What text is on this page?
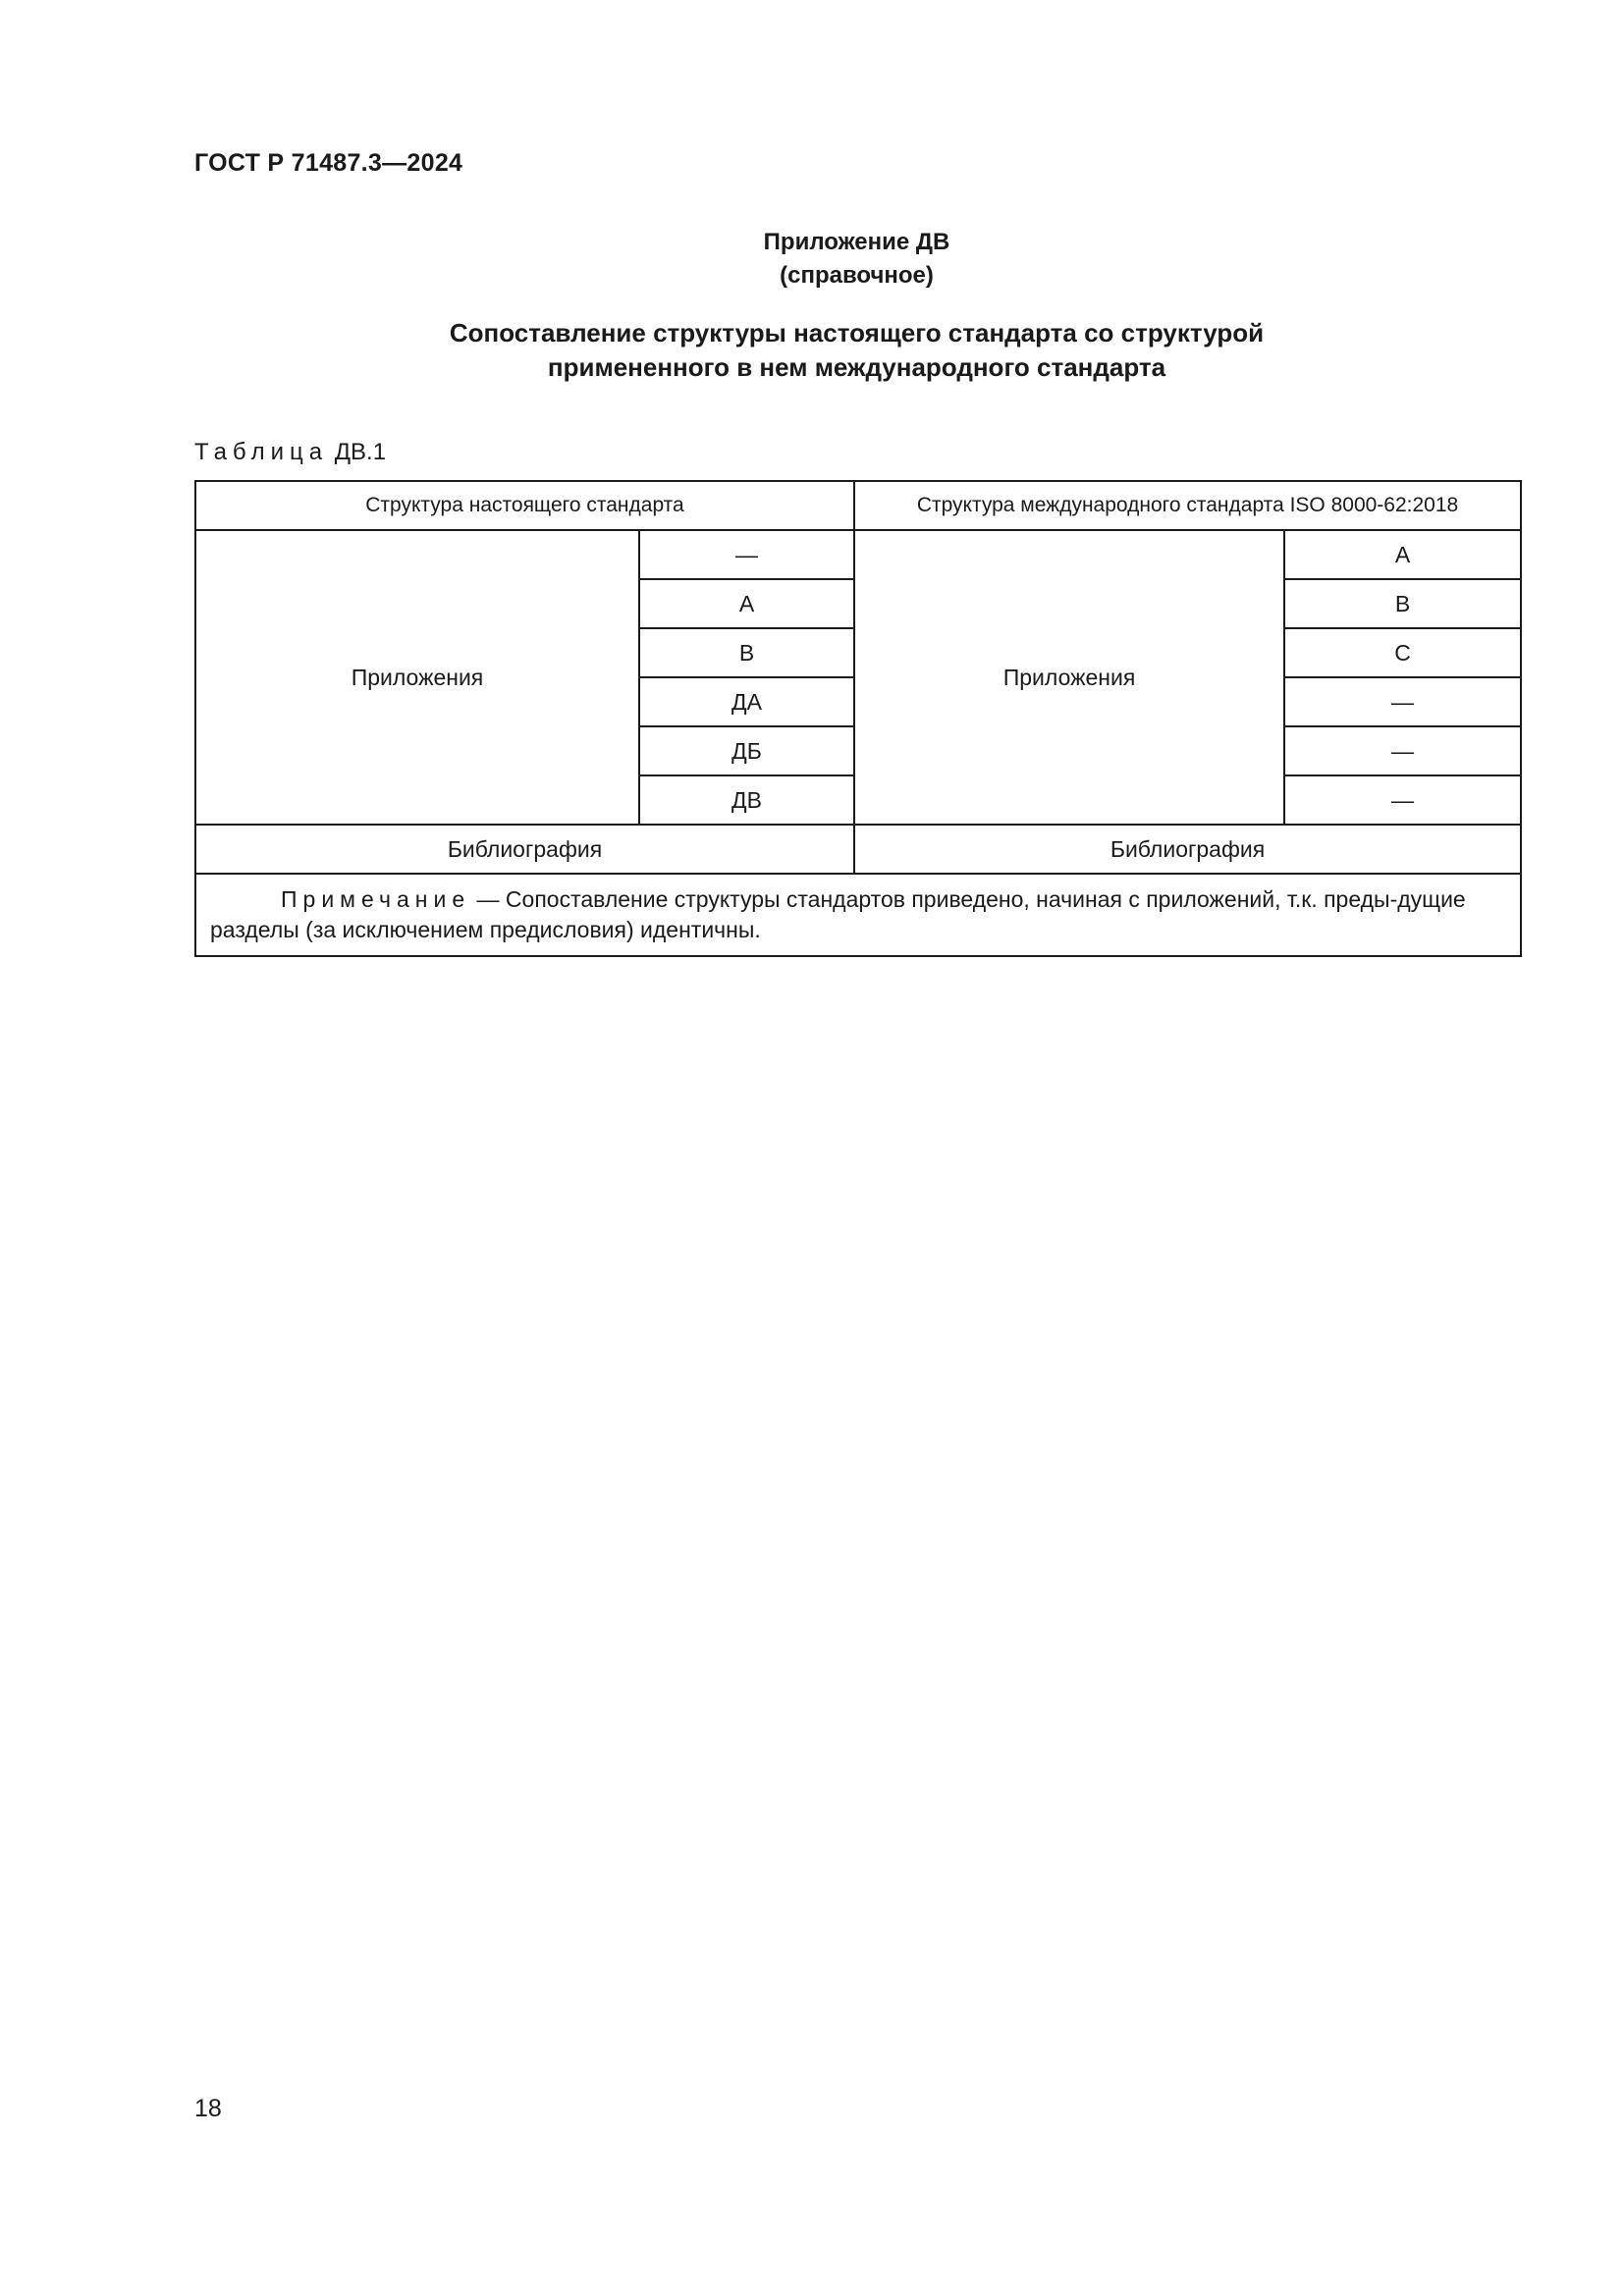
ГОСТ Р 71487.3—2024
Приложение ДВ
(справочное)
Сопоставление структуры настоящего стандарта со структурой
примененного в нем международного стандарта
Таблица ДВ.1
Структура настоящего стандарта		Структура международного стандарта ISO 8000-62:2018	
Приложения	—	Приложения	A
	А		B
	В		C
	ДА		—
	ДБ		—
	ДВ		—
Библиография		Библиография	
Примечание — Сопоставление структуры стандартов приведено, начиная с приложений, т.к. преды-дущие разделы (за исключением предисловия) идентичны.			
18
